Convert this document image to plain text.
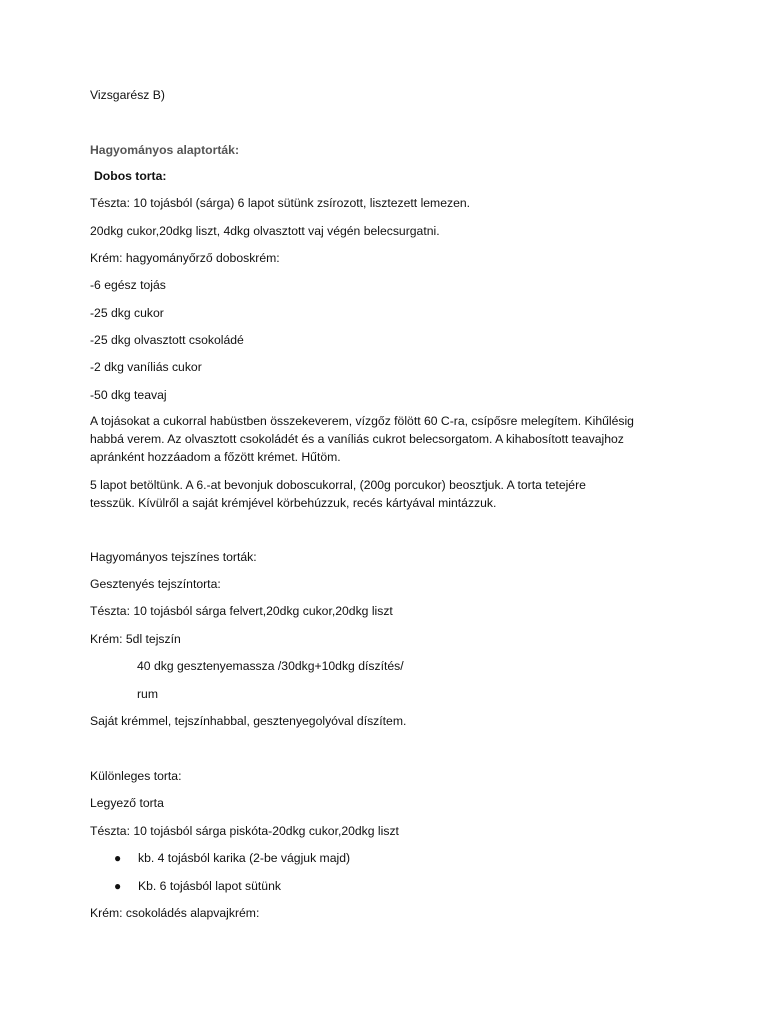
Vizsgarész B)
Hagyományos alaptorták:
Dobos torta:
Tészta: 10 tojásból (sárga) 6 lapot sütünk zsírozott, lisztezett lemezen.
20dkg cukor,20dkg liszt, 4dkg olvasztott vaj végén belecsurgatni.
Krém: hagyományőrző doboskrém:
-6 egész tojás
-25 dkg cukor
-25 dkg olvasztott csokoládé
-2 dkg vaníliás cukor
-50 dkg teavaj
A tojásokat a cukorral habüstben összekeverem, vízgőz fölött 60 C-ra, csípősre melegítem. Kihűlésig
habbá verem. Az olvasztott csokoládét és a vaníliás cukrot belecsorgatom. A kihabosított teavajhoz
apránként hozzáadom a főzött krémet. Hűtöm.
5 lapot betöltünk. A 6.-at bevonjuk doboscukorral, (200g porcukor) beosztjuk. A torta tetejére
tesszük. Kívülről a saját krémjével körbehúzzuk, recés kártyával mintázzuk.
Hagyományos tejszínes torták:
Gesztenyés tejszíntorta:
Tészta: 10 tojásból sárga felvert,20dkg cukor,20dkg liszt
Krém: 5dl tejszín
40 dkg gesztenyemassza /30dkg+10dkg díszítés/
rum
Saját krémmel, tejszínhabbal, gesztenyegolyóval díszítem.
Különleges torta:
Legyező torta
Tészta: 10 tojásból sárga piskóta-20dkg cukor,20dkg liszt
● kb. 4 tojásból karika (2-be vágjuk majd)
● Kb. 6 tojásból lapot sütünk
Krém: csokoládés alapvajkrém:
